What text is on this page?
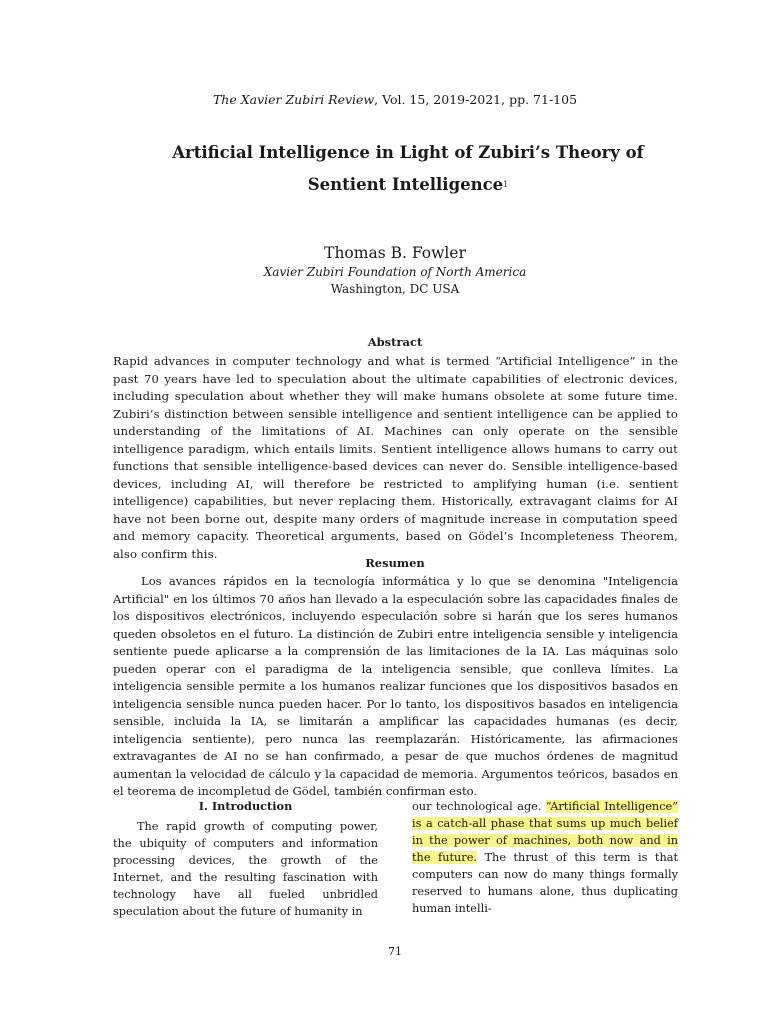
The Xavier Zubiri Review, Vol. 15, 2019-2021, pp. 71-105
Artificial Intelligence in Light of Zubiri’s Theory of
Sentient Intelligence$^1$
Thomas B. Fowler
Xavier Zubiri Foundation of North America
Washington, DC USA
Abstract

Rapid advances in computer technology and what is termed “Artificial Intelligence” in the past 70 years have led to speculation about the ultimate capabilities of electronic devices, including speculation about whether they will make humans obsolete at some future time. Zubiri’s distinction between sensible intelligence and sentient intelligence can be applied to understanding of the limitations of AI. Machines can only operate on the sensible intelligence paradigm, which entails limits. Sentient intelligence allows humans to carry out functions that sensible intelligence-based devices can never do. Sensible intelligence-based devices, including AI, will therefore be restricted to amplifying human (i.e. sentient intelligence) capabilities, but never replacing them. Historically, extravagant claims for AI have not been borne out, despite many orders of magnitude increase in computation speed and memory capacity. Theoretical arguments, based on Gödel’s Incompleteness Theorem, also confirm this.

Resumen

Los avances rápidos en la tecnología informática y lo que se denomina "Inteligencia Artificial" en los últimos 70 años han llevado a la especulación sobre las capacidades finales de los dispositivos electrónicos, incluyendo especulación sobre si harán que los seres humanos queden obsoletos en el futuro. La distinción de Zubiri entre inteligencia sensible y inteligencia sentiente puede aplicarse a la comprensión de las limitaciones de la IA. Las máquinas solo pueden operar con el paradigma de la inteligencia sensible, que conlleva límites. La inteligencia sensible permite a los humanos realizar funciones que los dispositivos basados en inteligencia sensible nunca pueden hacer. Por lo tanto, los dispositivos basados en inteligencia sensible, incluida la IA, se limitarán a amplificar las capacidades humanas (es decir, inteligencia sentiente), pero nunca las reemplazarán. Históricamente, las afirmaciones extravagantes de AI no se han confirmado, a pesar de que muchos órdenes de magnitud aumentan la velocidad de cálculo y la capacidad de memoria. Argumentos teóricos, basados en el teorema de incompletud de Gödel, también confirman esto.

I. Introduction

The rapid growth of computing power, the ubiquity of computers and information processing devices, the growth of the Internet, and the resulting fascination with technology have all fueled unbridled speculation about the future of humanity in

our technological age. “Artificial Intelligence” is a catch-all phase that sums up much belief in the power of machines, both now and in the future. The thrust of this term is that computers can now do many things formally reserved to humans alone, thus duplicating human intelli-

71
